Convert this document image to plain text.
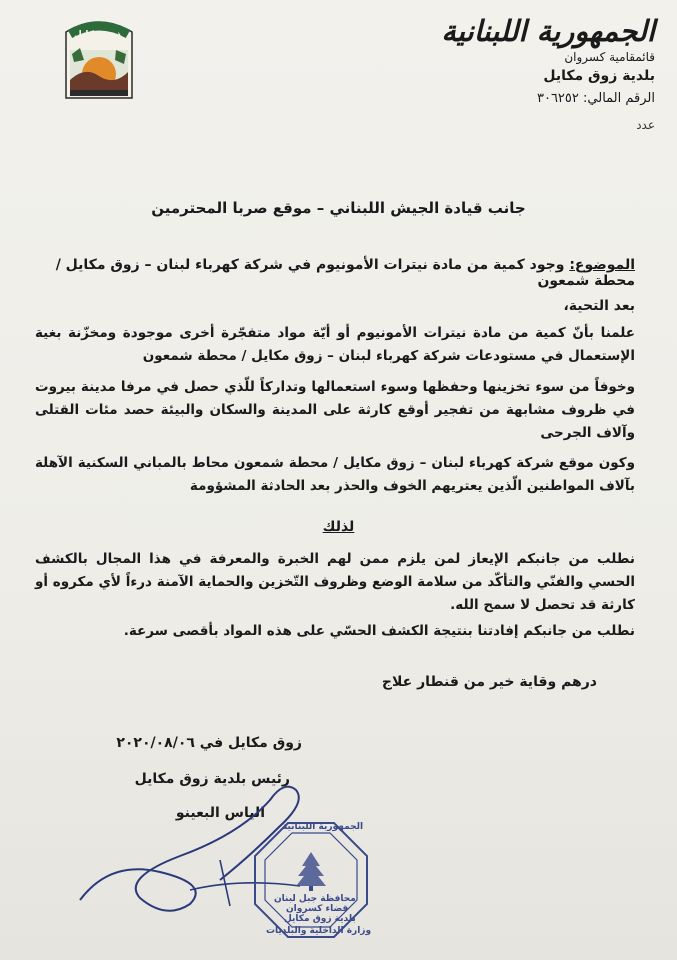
الجمهورية اللبنانية
قائمقامية كسروان
بلدية زوق مكايل
الرقم المالي: ٣٠٦٢٥٢
عدد
ذوق مكايل
جانب قيادة الجيش اللبناني – موقع صربا المحترمين
الموضوع: وجود كمية من مادة نيترات الأمونيوم في شركة كهرباء لبنان – زوق مكايل / محطة شمعون
بعد التحية،
علمنا بأنّ كمية من مادة نيترات الأمونيوم أو أيّة مواد متفجّرة أخرى موجودة ومخزّنة بغية الإستعمال في مستودعات شركة كهرباء لبنان – زوق مكايل / محطة شمعون
وخوفاً من سوء تخزينها وحفظها وسوء استعمالها وتداركاً للّذي حصل في مرفا مدينة بيروت في ظروف مشابهة من تفجير أوقع كارثة على المدينة والسكان والبيئة حصد مئات القتلى وآلاف الجرحى
وكون موقع شركة كهرباء لبنان – زوق مكايل / محطة شمعون محاط بالمباني السكنية الآهلة بآلاف المواطنين الّذين يعتريهم الخوف والحذر بعد الحادثة المشؤومة
لذلك
نطلب من جانبكم الإيعاز لمن يلزم ممن لهم الخبرة والمعرفة في هذا المجال بالكشف الحسي والفنّي والتأكّد من سلامة الوضع وظروف التّخزين والحماية الآمنة درءاً لأي مكروه أو كارثة قد تحصل لا سمح الله.
نطلب من جانبكم إفادتنا بنتيجة الكشف الحسّي على هذه المواد بأقصى سرعة.
درهم وقاية خير من قنطار علاج
زوق مكايل في ٢٠٢٠/٠٨/٠٦
رئيس بلدية زوق مكايل
الياس البعينو
الجمهورية اللبنانية
محافظة جبل لبنان
قضاء كسروان
بلدية زوق مكايل
وزارة الداخلية والبلديات
